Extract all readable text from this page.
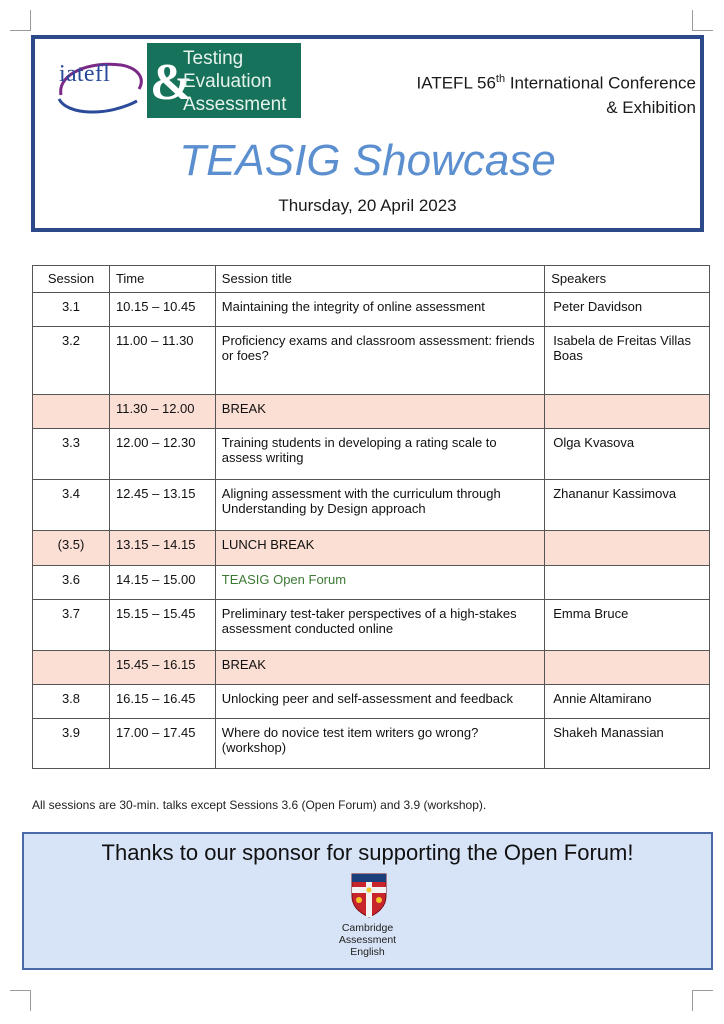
iatefl &
Testing
Evaluation
Assessment
IATEFL 56th International Conference
& Exhibition
TEASIG Showcase
Thursday, 20 April 2023
Session	Time	Session title	Speakers
3.1	10.15 – 10.45	Maintaining the integrity of online assessment	Peter Davidson
3.2	11.00 – 11.30	Proficiency exams and classroom assessment: friends or foes?	Isabela de Freitas Villas Boas
	11.30 – 12.00	BREAK	
3.3	12.00 – 12.30	Training students in developing a rating scale to assess writing	Olga Kvasova
3.4	12.45 – 13.15	Aligning assessment with the curriculum through Understanding by Design approach	Zhananur Kassimova
(3.5)	13.15 – 14.15	LUNCH BREAK	
3.6	14.15 – 15.00	TEASIG Open Forum	
3.7	15.15 – 15.45	Preliminary test-taker perspectives of a high-stakes assessment conducted online	Emma Bruce
	15.45 – 16.15	BREAK	
3.8	16.15 – 16.45	Unlocking peer and self-assessment and feedback	Annie Altamirano
3.9	17.00 – 17.45	Where do novice test item writers go wrong? (workshop)	Shakeh Manassian
All sessions are 30-min. talks except Sessions 3.6 (Open Forum) and 3.9 (workshop).
Thanks to our sponsor for supporting the Open Forum!
Cambridge
Assessment
English
